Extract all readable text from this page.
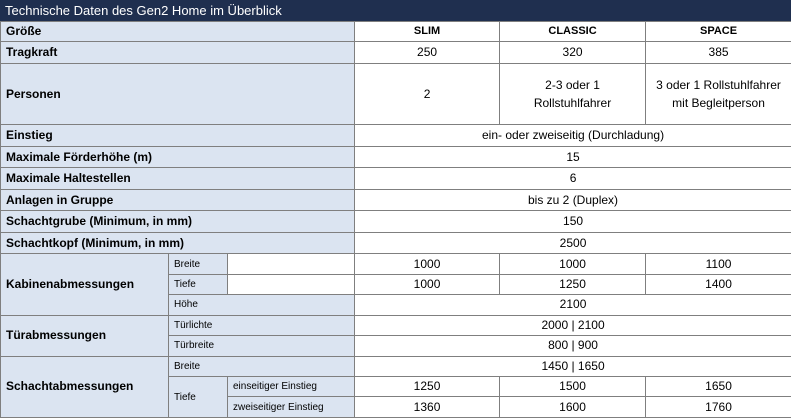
Technische Daten des Gen2 Home im Überblick
Größe			SLIM	CLASSIC	SPACE
Tragkraft			250	320	385
Personen			2	2-3 oder 1 Rollstuhlfahrer	3 oder 1 Rollstuhlfahrer mit Begleitperson
Einstieg			ein- oder zweiseitig (Durchladung)		
Maximale Förderhöhe (m)			15		
Maximale Haltestellen			6		
Anlagen in Gruppe			bis zu 2 (Duplex)		
Schachtgrube (Minimum, in mm)			150		
Schachtkopf (Minimum, in mm)			2500		
Kabinenabmessungen	Breite		1000	1000	1100
	Tiefe		1000	1250	1400
	Höhe		2100		
Türabmessungen	Türlichte		2000 | 2100		
	Türbreite		800 | 900		
Schachtabmessungen	Breite		1450 | 1650		
	Tiefe	einseitiger Einstieg	1250	1500	1650
		zweiseitiger Einstieg	1360	1600	1760
